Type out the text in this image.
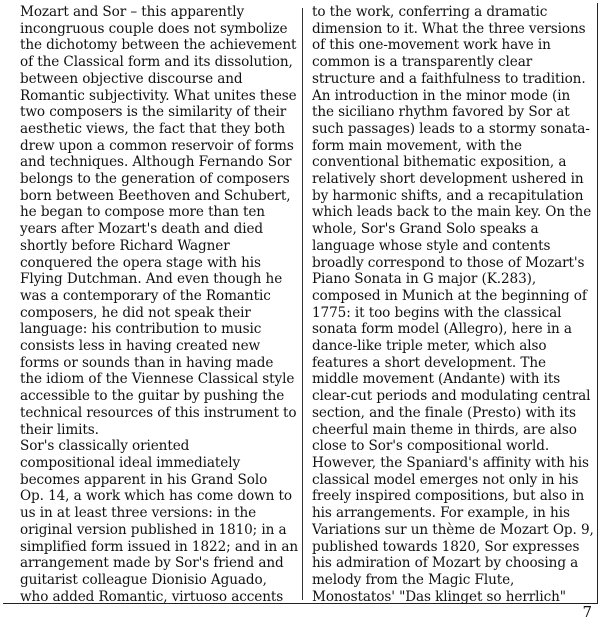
Mozart and Sor – this apparently
incongruous couple does not symbolize
the dichotomy between the achievement
of the Classical form and its dissolution,
between objective discourse and
Romantic subjectivity. What unites these
two composers is the similarity of their
aesthetic views, the fact that they both
drew upon a common reservoir of forms
and techniques. Although Fernando Sor
belongs to the generation of composers
born between Beethoven and Schubert,
he began to compose more than ten
years after Mozart's death and died
shortly before Richard Wagner
conquered the opera stage with his
Flying Dutchman. And even though he
was a contemporary of the Romantic
composers, he did not speak their
language: his contribution to music
consists less in having created new
forms or sounds than in having made
the idiom of the Viennese Classical style
accessible to the guitar by pushing the
technical resources of this instrument to
their limits.

Sor's classically oriented
compositional ideal immediately
becomes apparent in his Grand Solo
Op. 14, a work which has come down to
us in at least three versions: in the
original version published in 1810; in a
simplified form issued in 1822; and in an
arrangement made by Sor's friend and
guitarist colleague Dionisio Aguado,
who added Romantic, virtuoso accents

to the work, conferring a dramatic
dimension to it. What the three versions
of this one-movement work have in
common is a transparently clear
structure and a faithfulness to tradition.
An introduction in the minor mode (in
the siciliano rhythm favored by Sor at
such passages) leads to a stormy sonata-
form main movement, with the
conventional bithematic exposition, a
relatively short development ushered in
by harmonic shifts, and a recapitulation
which leads back to the main key. On the
whole, Sor's Grand Solo speaks a
language whose style and contents
broadly correspond to those of Mozart's
Piano Sonata in G major (K.283),
composed in Munich at the beginning of
1775: it too begins with the classical
sonata form model (Allegro), here in a
dance-like triple meter, which also
features a short development. The
middle movement (Andante) with its
clear-cut periods and modulating central
section, and the finale (Presto) with its
cheerful main theme in thirds, are also
close to Sor's compositional world.
However, the Spaniard's affinity with his
classical model emerges not only in his
freely inspired compositions, but also in
his arrangements. For example, in his
Variations sur un thème de Mozart Op. 9,
published towards 1820, Sor expresses
his admiration of Mozart by choosing a
melody from the Magic Flute,
Monostatos' "Das klinget so herrlich"

7
